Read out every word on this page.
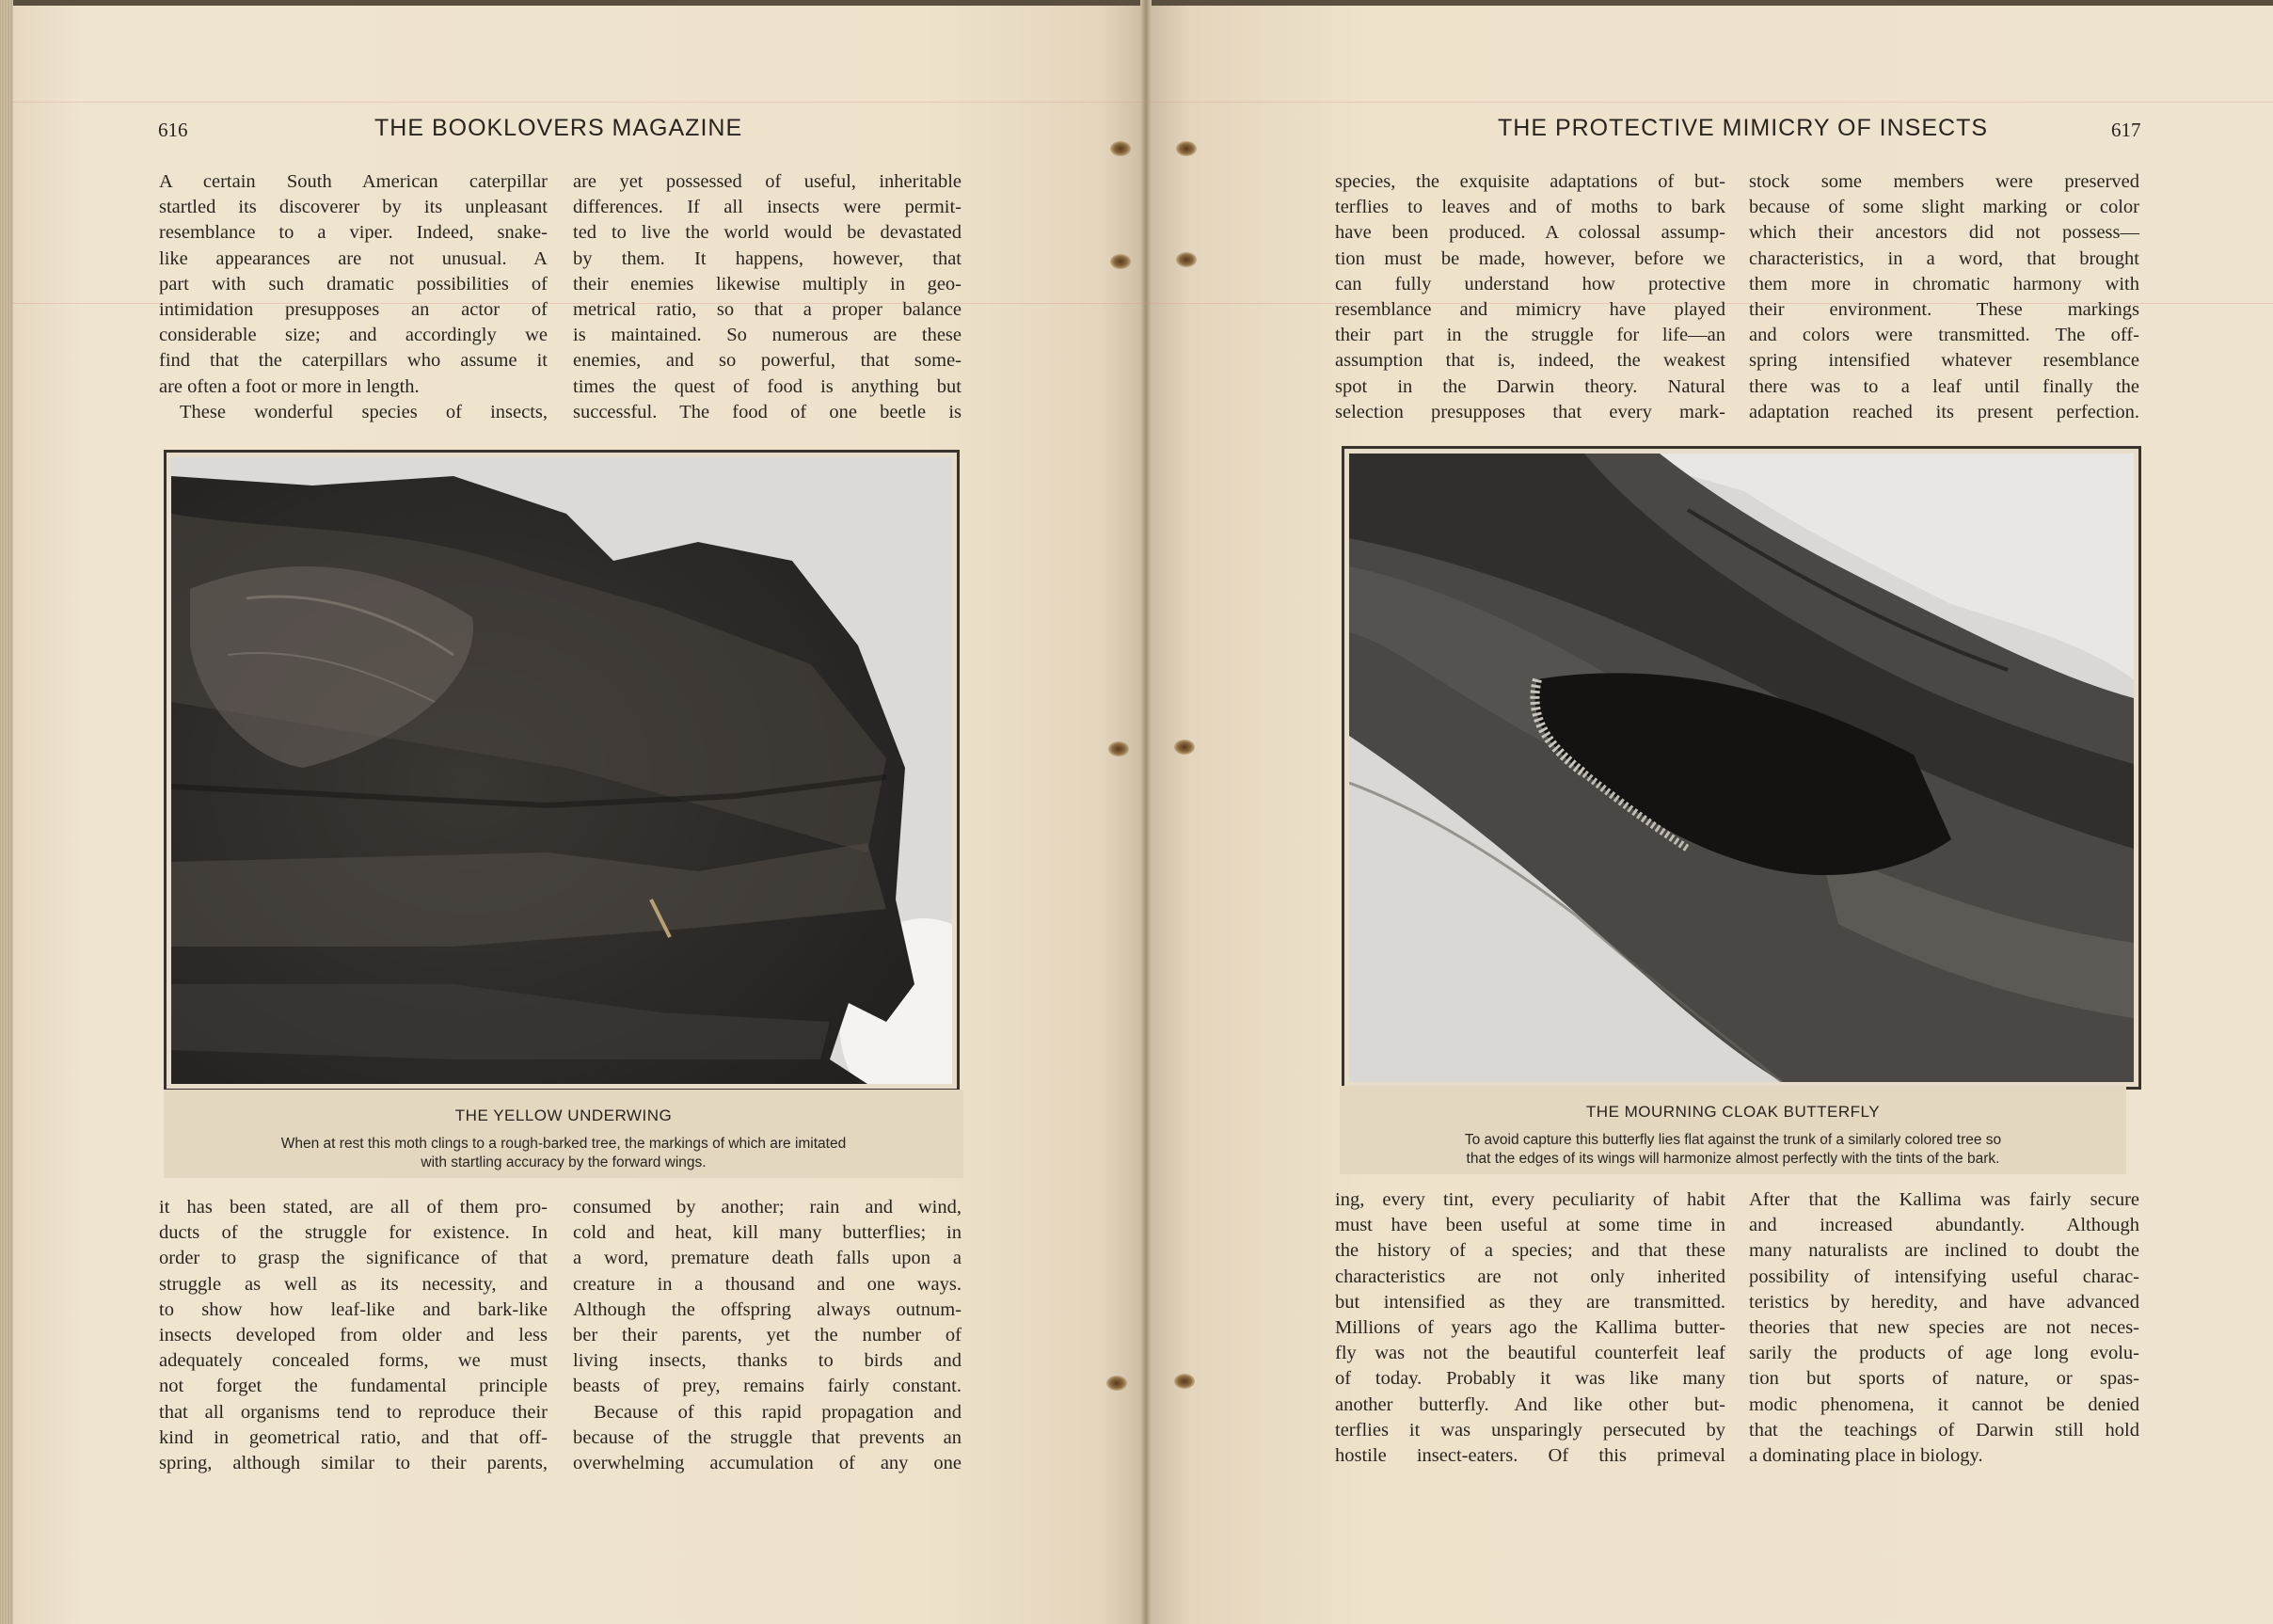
616	THE BOOKLOVERS MAGAZINE	THE PROTECTIVE MIMICRY OF INSECTS	617
A certain South American caterpillar
startled its discoverer by its unpleasant
resemblance to a viper. Indeed, snake-
like appearances are not unusual. A
part with such dramatic possibilities of
intimidation presupposes an actor of
considerable size; and accordingly we
find that the caterpillars who assume it
are often a foot or more in length.
These wonderful species of insects,
are yet possessed of useful, inheritable
differences. If all insects were permit-
ted to live the world would be devastated
by them. It happens, however, that
their enemies likewise multiply in geo-
metrical ratio, so that a proper balance
is maintained. So numerous are these
enemies, and so powerful, that some-
times the quest of food is anything but
successful. The food of one beetle is
THE YELLOW UNDERWING
When at rest this moth clings to a rough-barked tree, the markings of which are imitated
with startling accuracy by the forward wings.
it has been stated, are all of them pro-
ducts of the struggle for existence. In
order to grasp the significance of that
struggle as well as its necessity, and
to show how leaf-like and bark-like
insects developed from older and less
adequately concealed forms, we must
not forget the fundamental principle
that all organisms tend to reproduce their
kind in geometrical ratio, and that off-
spring, although similar to their parents,
consumed by another; rain and wind,
cold and heat, kill many butterflies; in
a word, premature death falls upon a
creature in a thousand and one ways.
Although the offspring always outnum-
ber their parents, yet the number of
living insects, thanks to birds and
beasts of prey, remains fairly constant.
Because of this rapid propagation and
because of the struggle that prevents an
overwhelming accumulation of any one
species, the exquisite adaptations of but-
terflies to leaves and of moths to bark
have been produced. A colossal assump-
tion must be made, however, before we
can fully understand how protective
resemblance and mimicry have played
their part in the struggle for life—an
assumption that is, indeed, the weakest
spot in the Darwin theory. Natural
selection presupposes that every mark-
stock some members were preserved
because of some slight marking or color
which their ancestors did not possess—
characteristics, in a word, that brought
them more in chromatic harmony with
their environment. These markings
and colors were transmitted. The off-
spring intensified whatever resemblance
there was to a leaf until finally the
adaptation reached its present perfection.
THE MOURNING CLOAK BUTTERFLY
To avoid capture this butterfly lies flat against the trunk of a similarly colored tree so
that the edges of its wings will harmonize almost perfectly with the tints of the bark.
ing, every tint, every peculiarity of habit
must have been useful at some time in
the history of a species; and that these
characteristics are not only inherited
but intensified as they are transmitted.
Millions of years ago the Kallima butter-
fly was not the beautiful counterfeit leaf
of today. Probably it was like many
another butterfly. And like other but-
terflies it was unsparingly persecuted by
hostile insect-eaters. Of this primeval
After that the Kallima was fairly secure
and increased abundantly. Although
many naturalists are inclined to doubt the
possibility of intensifying useful charac-
teristics by heredity, and have advanced
theories that new species are not neces-
sarily the products of age long evolu-
tion but sports of nature, or spas-
modic phenomena, it cannot be denied
that the teachings of Darwin still hold
a dominating place in biology.
